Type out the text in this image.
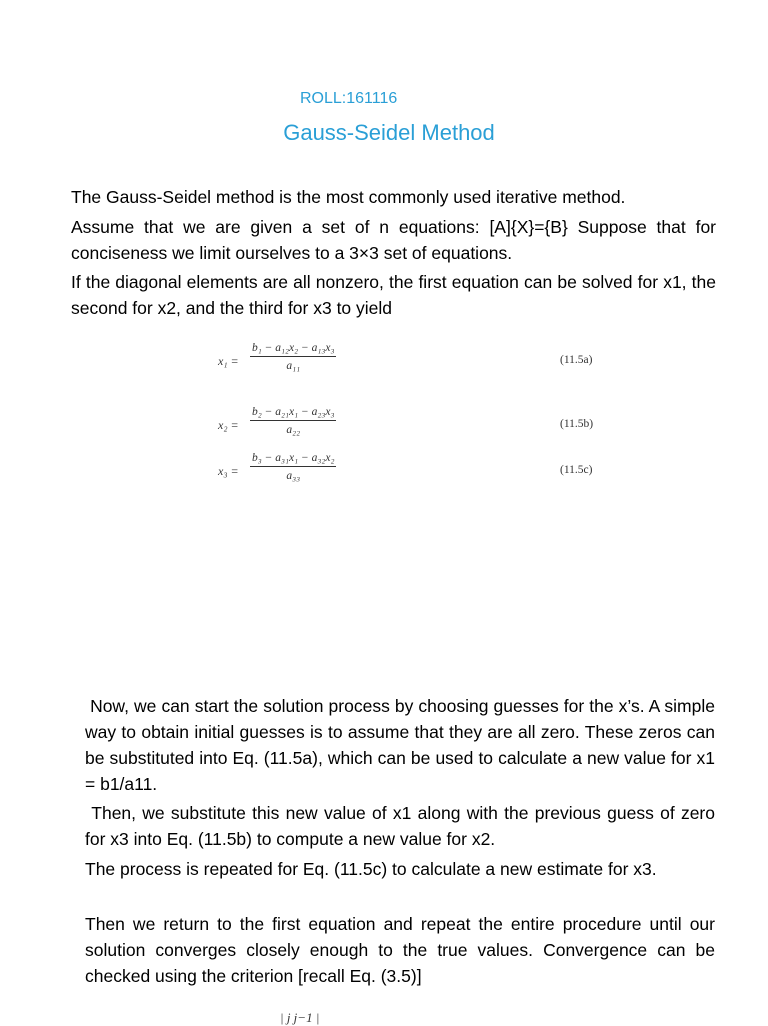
ROLL:161116
Gauss-Seidel Method

The Gauss-Seidel method is the most commonly used iterative method.

Assume that we are given a set of n equations: [A]{X}={B} Suppose that for conciseness we limit ourselves to a 3×3 set of equations.

If the diagonal elements are all nonzero, the first equation can be solved for x1, the second for x2, and the third for x3 to yield

$x_1 = \frac{\text{b₁ − a₁₂x₂ − a₁₃x₃}}{\text{a₁₁}}$	(11.5a)
$x_2 = \frac{\text{b₂ − a₂₁x₁ − a₂₃x₃}}{\text{a₂₂}}$	(11.5b)
$x_3 = \frac{\text{b₃ − a₃₁x₁ − a₃₂x₂}}{\text{a₃₃}}$	(11.5c)

Now, we can start the solution process by choosing guesses for the x’s. A simple way to obtain initial guesses is to assume that they are all zero. These zeros can be substituted into Eq. (11.5a), which can be used to calculate a new value for x1 = b1/a11.

Then, we substitute this new value of x1 along with the previous guess of zero for x3 into Eq. (11.5b) to compute a new value for x2.

The process is repeated for Eq. (11.5c) to calculate a new estimate for x3.

Then we return to the first equation and repeat the entire procedure until our solution converges closely enough to the true values. Convergence can be checked using the criterion [recall Eq. (3.5)]

| j j−1 |
